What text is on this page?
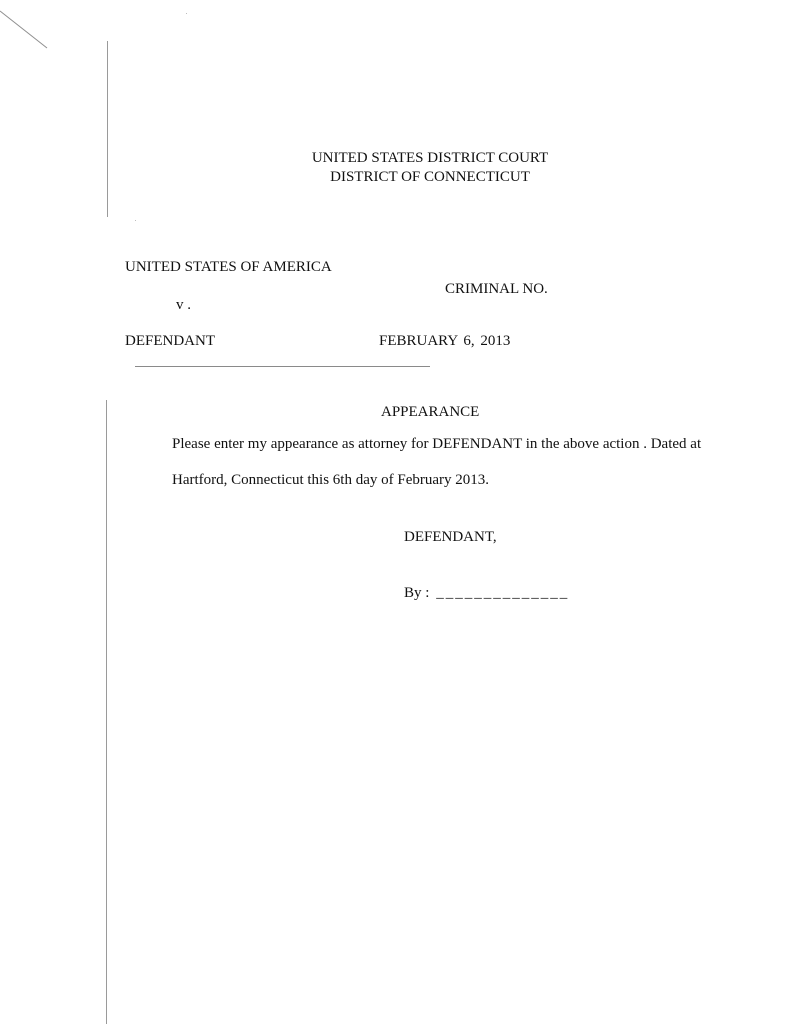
UNITED STATES DISTRICT COURT
DISTRICT OF CONNECTICUT
UNITED STATES OF AMERICA
CRIMINAL NO.
v .
DEFENDANT	FEBRUARY 6, 2013
APPEARANCE
Please enter my appearance as attorney for DEFENDANT in the above action . Dated at
Hartford, Connecticut this 6th day of February 2013.
DEFENDANT,
By : ______________
